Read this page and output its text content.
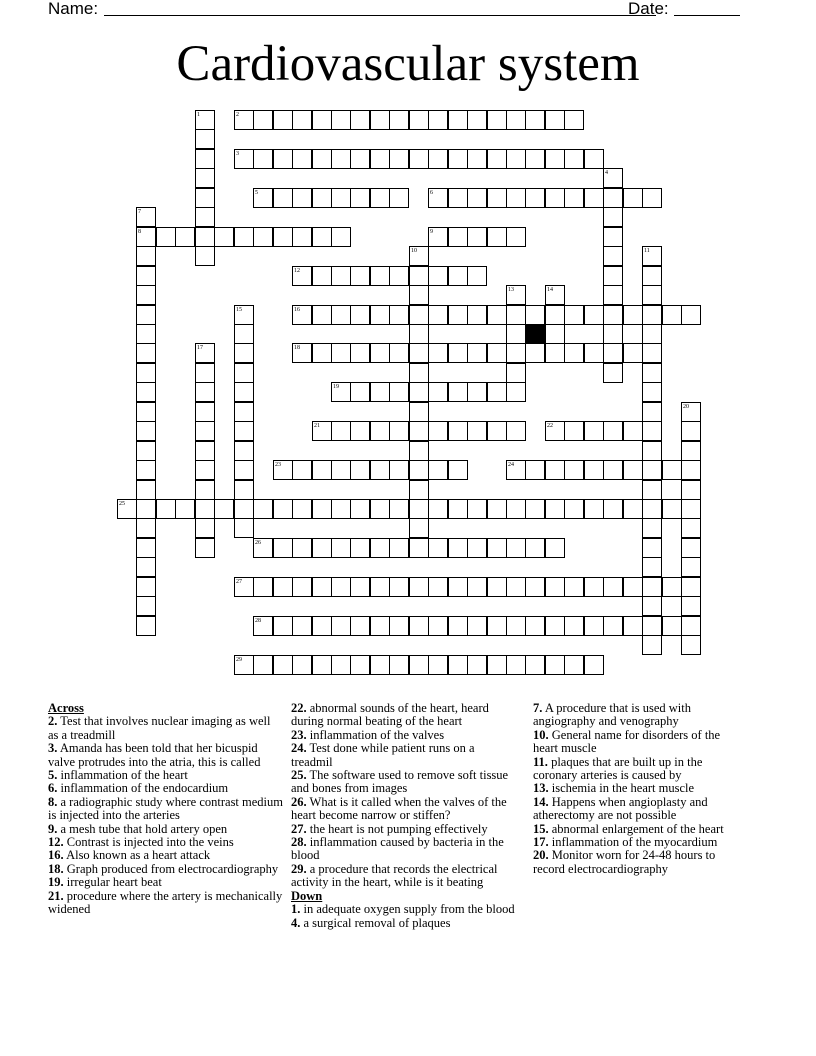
Name:	Date:
Cardiovascular system
2
3
5	6
8	9
12
16
18
19
21	22
23	24
25
26
27
28
29
1
4
7
10	11
13	14
15
17
20
Across
2. Test that involves nuclear imaging as well as a treadmill
3. Amanda has been told that her bicuspid valve protrudes into the atria, this is called
5. inflammation of the heart
6. inflammation of the endocardium
8. a radiographic study where contrast medium is injected into the arteries
9. a mesh tube that hold artery open
12. Contrast is injected into the veins
16. Also known as a heart attack
18. Graph produced from electrocardiography
19. irregular heart beat
21. procedure where the artery is mechanically widened
22. abnormal sounds of the heart, heard during normal beating of the heart
23. inflammation of the valves
24. Test done while patient runs on a treadmil
25. The software used to remove soft tissue and bones from images
26. What is it called when the valves of the heart become narrow or stiffen?
27. the heart is not pumping effectively
28. inflammation caused by bacteria in the blood
29. a procedure that records the electrical activity in the heart, while is it beating
Down
1. in adequate oxygen supply from the blood
4. a surgical removal of plaques
7. A procedure that is used with angiography and venography
10. General name for disorders of the heart muscle
11. plaques that are built up in the coronary arteries is caused by
13. ischemia in the heart muscle
14. Happens when angioplasty and atherectomy are not possible
15. abnormal enlargement of the heart
17. inflammation of the myocardium
20. Monitor worn for 24-48 hours to record electrocardiography
